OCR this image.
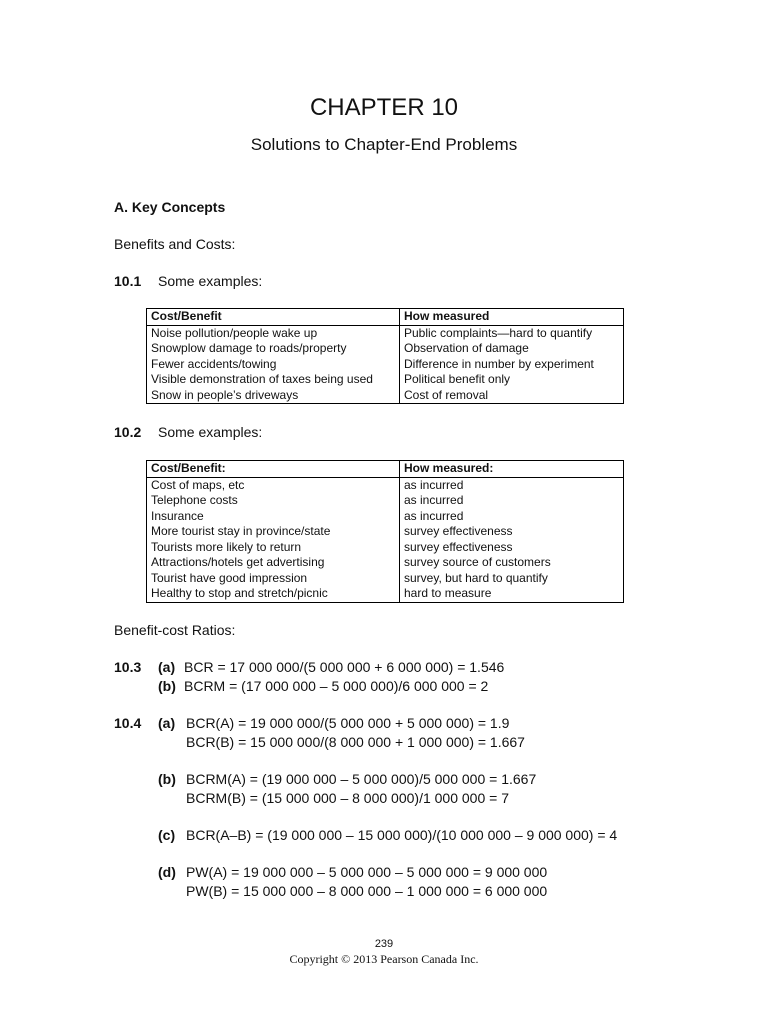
CHAPTER 10
Solutions to Chapter-End Problems
A. Key Concepts
Benefits and Costs:
10.1 Some examples:
Cost/Benefit	How measured
Noise pollution/people wake up	Public complaints—hard to quantify
Snowplow damage to roads/property	Observation of damage
Fewer accidents/towing	Difference in number by experiment
Visible demonstration of taxes being used	Political benefit only
Snow in people’s driveways	Cost of removal
10.2 Some examples:
Cost/Benefit:	How measured:
Cost of maps, etc	as incurred
Telephone costs	as incurred
Insurance	as incurred
More tourist stay in province/state	survey effectiveness
Tourists more likely to return	survey effectiveness
Attractions/hotels get advertising	survey source of customers
Tourist have good impression	survey, but hard to quantify
Healthy to stop and stretch/picnic	hard to measure
Benefit-cost Ratios:
10.3 (a) BCR = 17 000 000/(5 000 000 + 6 000 000) = 1.546
(b) BCRM = (17 000 000 – 5 000 000)/6 000 000 = 2
10.4 (a) BCR(A) = 19 000 000/(5 000 000 + 5 000 000) = 1.9
BCR(B) = 15 000 000/(8 000 000 + 1 000 000) = 1.667
(b) BCRM(A) = (19 000 000 – 5 000 000)/5 000 000 = 1.667
BCRM(B) = (15 000 000 – 8 000 000)/1 000 000 = 7
(c) BCR(A–B) = (19 000 000 – 15 000 000)/(10 000 000 – 9 000 000) = 4
(d) PW(A) = 19 000 000 – 5 000 000 – 5 000 000 = 9 000 000
PW(B) = 15 000 000 – 8 000 000 – 1 000 000 = 6 000 000
239
Copyright © 2013 Pearson Canada Inc.
